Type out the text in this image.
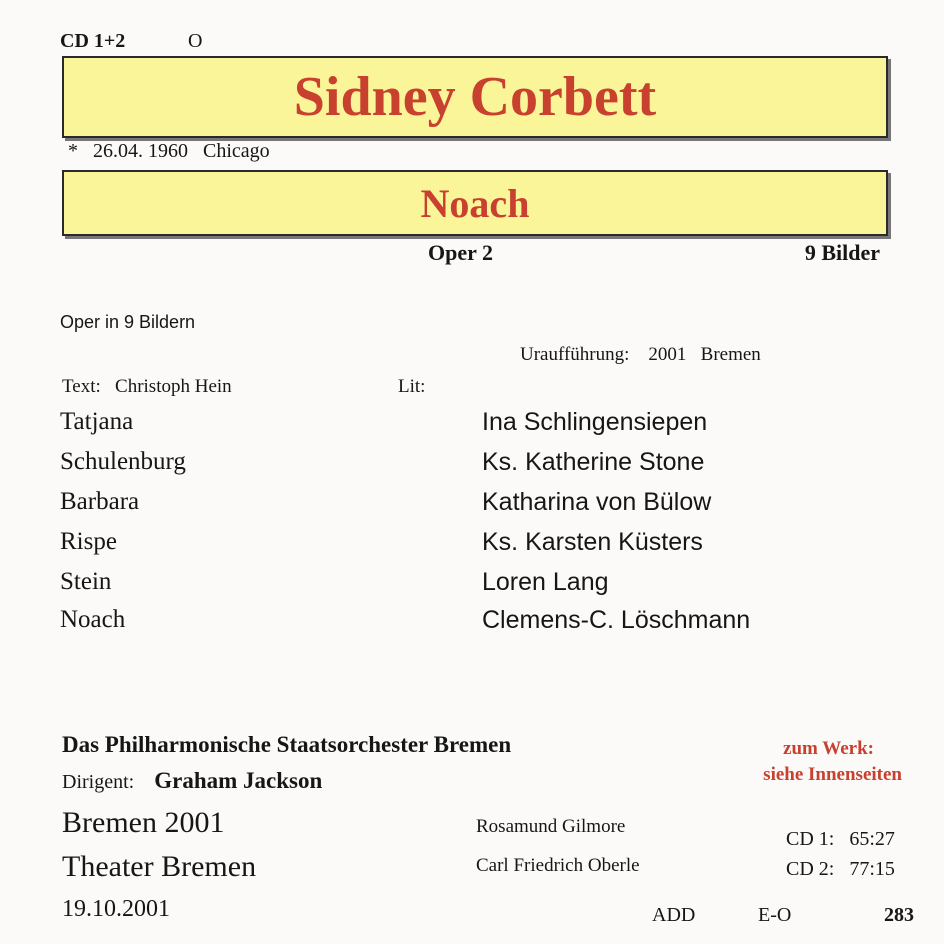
CD 1+2	O
Sidney Corbett
* 26.04. 1960 Chicago
Noach
Oper 2	9 Bilder
Oper in 9 Bildern
Uraufführung: 2001 Bremen
Text: Christoph Hein	Lit:
Tatjana	Ina Schlingensiepen
Schulenburg	Ks. Katherine Stone
Barbara	Katharina von Bülow
Rispe	Ks. Karsten Küsters
Stein	Loren Lang
Noach	Clemens-C. Löschmann
Das Philharmonische Staatsorchester Bremen
Dirigent: Graham Jackson
zum Werk:
siehe Innenseiten
Bremen 2001
Theater Bremen
19.10.2001
Rosamund Gilmore
Carl Friedrich Oberle
CD 1: 65:27
CD 2: 77:15
ADD	E-O	283
